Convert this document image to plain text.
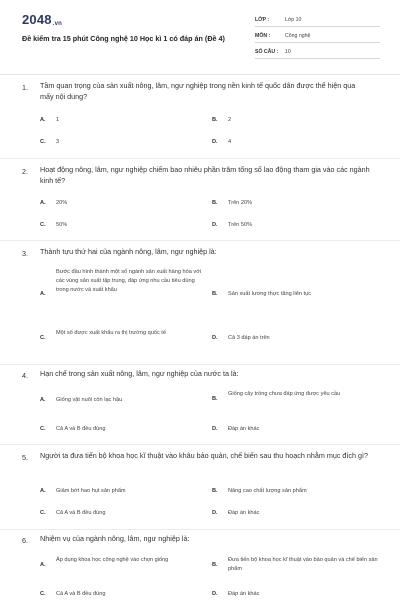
2048.vn
Đề kiểm tra 15 phút Công nghệ 10 Học kì 1 có đáp án (Đề 4)
LỚP :	Lớp 10
MÔN :	Công nghệ
SỐ CÂU : 10
1. Tầm quan trọng của sản xuất nông, lâm, ngư nghiệp trong nền kinh tế quốc dân được thể hiện qua mấy nội dung?
A. 1	B. 2
C. 3	D. 4
2. Hoạt động nông, lâm, ngư nghiệp chiếm bao nhiêu phần trăm tổng số lao động tham gia vào các ngành kinh tế?
A. 20%	B. Trên 20%
C. 50%	D. Trên 50%
3. Thành tựu thứ hai của ngành nông, lâm, ngư nghiệp là:
A.
Bước đầu hình thành một số ngành sản xuất hàng hóa với các vùng sản xuất tập trung, đáp ứng nhu cầu tiêu dùng trong nước và xuất khẩu
B. Sản xuất lương thực tăng liên tục
C.
Một số được xuất khẩu ra thị trường quốc tế
D. Cả 3 đáp án trên
4. Hạn chế trong sản xuất nông, lâm, ngư nghiệp của nước ta là:
A. Giống vật nuôi còn lạc hậu	B.
Giống cây trồng chưa đáp ứng được yêu cầu
C. Cả A và B đều đúng	D. Đáp án khác
5. Người ta đưa tiến bộ khoa học kĩ thuật vào khâu bảo quản, chế biến sau thu hoạch nhằm mục đích gì?
A. Giảm bớt hao hụt sản phẩm	B. Nâng cao chất lượng sản phẩm
C. Cả A và B đều đúng	D. Đáp án khác
6. Nhiệm vụ của ngành nông, lâm, ngư nghiệp là:
A.
Áp dụng khoa học công nghệ vào chọn giống
B.
Đưa tiến bộ khoa học kĩ thuật vào bảo quản và chế biến sản phẩm
C. Cả A và B đều đúng	D. Đáp án khác
